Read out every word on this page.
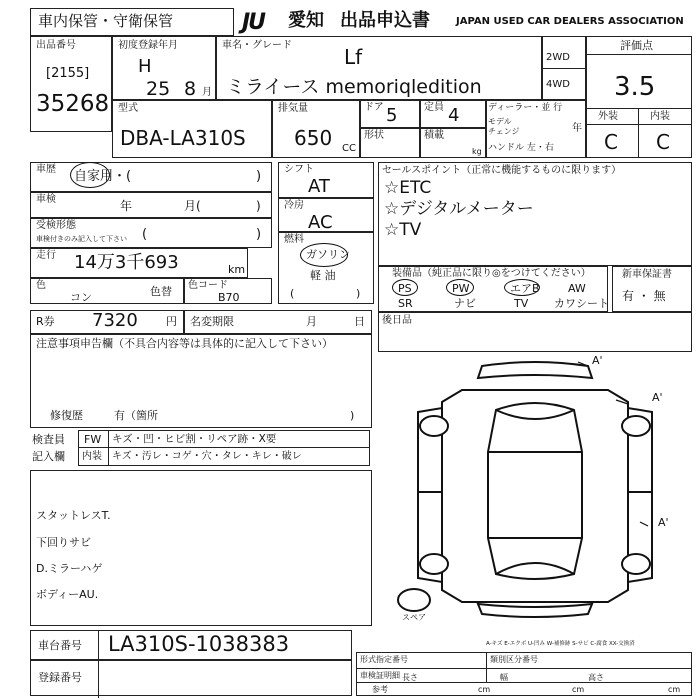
車内保管・守衛保管	JU	愛知 出品申込書	JAPAN USED CAR DEALERS ASSOCIATION
出品番号
[2155]
35268
初度登録年月
H
25 8 月
車名・グレード	Lf
ミライース memoriqledition
2WD
4WD
評価点
3.5
外装	内装
C C
型式
DBA-LA310S
排気量
650 CC
ドア 5	定員 4
形状	積載
kg
ディーラー・並 行
モデル
チェンジ	年
ハンドル 左・右
車歴 自家用・(	)
車検	年	月(	)
受検形態
車検付きのみ記入して下さい (	)
走行 14万3千693	km
色
コン	色替 色コード
B70
シフト
AT
冷房
AC
燃料
ガソリン
軽 油
(	)
セールスポイント（正常に機能するものに限ります）
☆ETC
☆デジタルメーター
☆TV
装備品（純正品に限り◎をつけてください）
PS	PW	エアB	AW
SR	ナビ	TV カワシート
新車保証書
有 ・ 無
R券 7320	円 名変期限	月	日 後日品
注意事項申告欄（不具合内容等は具体的に記入して下さい）
修復歴	有（箇所	)
検査員
記入欄
FW キズ・凹・ヒビ割・リペア跡・X要
内装 キズ・汚レ・コゲ・穴・タレ・キレ・破レ
スタットレスT.
下回りサビ
D.ミラーハゲ
ボディーAU.
A'
A'
A'
スペア
A-キズ E-エクボ U-凹み W-補修跡 S-サビ C-腐食 XX-交換済
車台番号 LA310S-1038383
登録番号
形式指定番号	類別区分番号
車検証明細
参考
長さ
cm
幅
cm
高さ
cm
